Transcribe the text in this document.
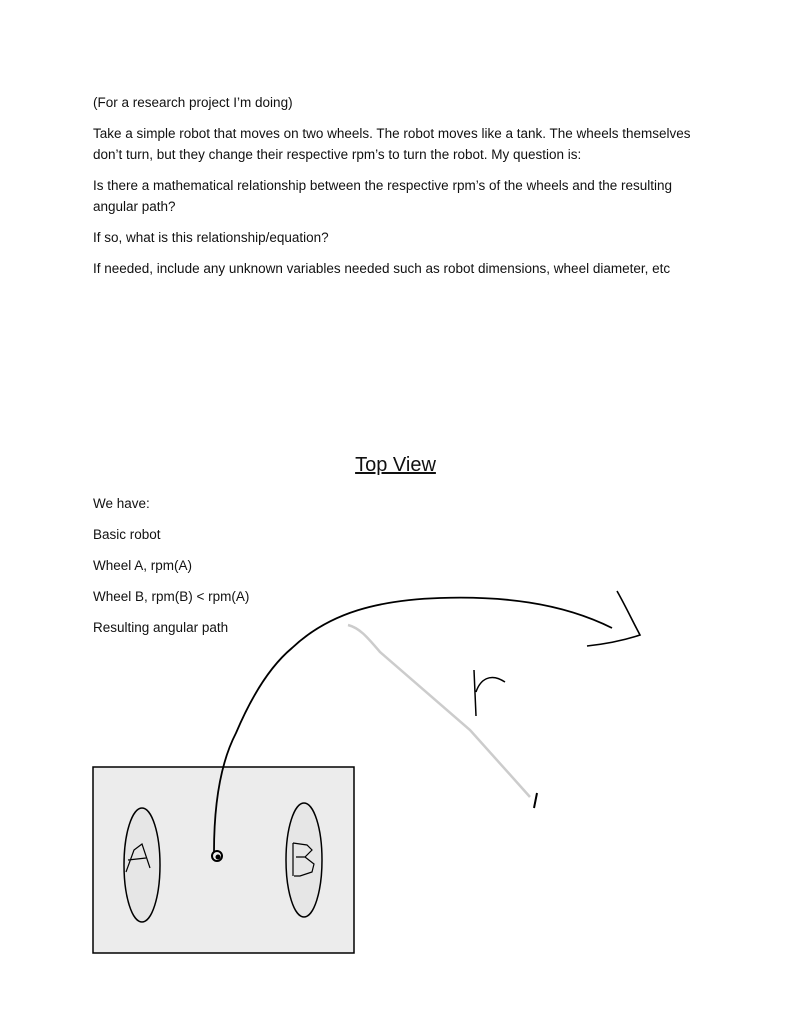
(For a research project I’m doing)

Take a simple robot that moves on two wheels. The robot moves like a tank. The wheels themselves don’t turn, but they change their respective rpm’s to turn the robot. My question is:

Is there a mathematical relationship between the respective rpm’s of the wheels and the resulting angular path?

If so, what is this relationship/equation?

If needed, include any unknown variables needed such as robot dimensions, wheel diameter, etc

Top View

We have:

Basic robot

Wheel A, rpm(A)

Wheel B, rpm(B) < rpm(A)

Resulting angular path
